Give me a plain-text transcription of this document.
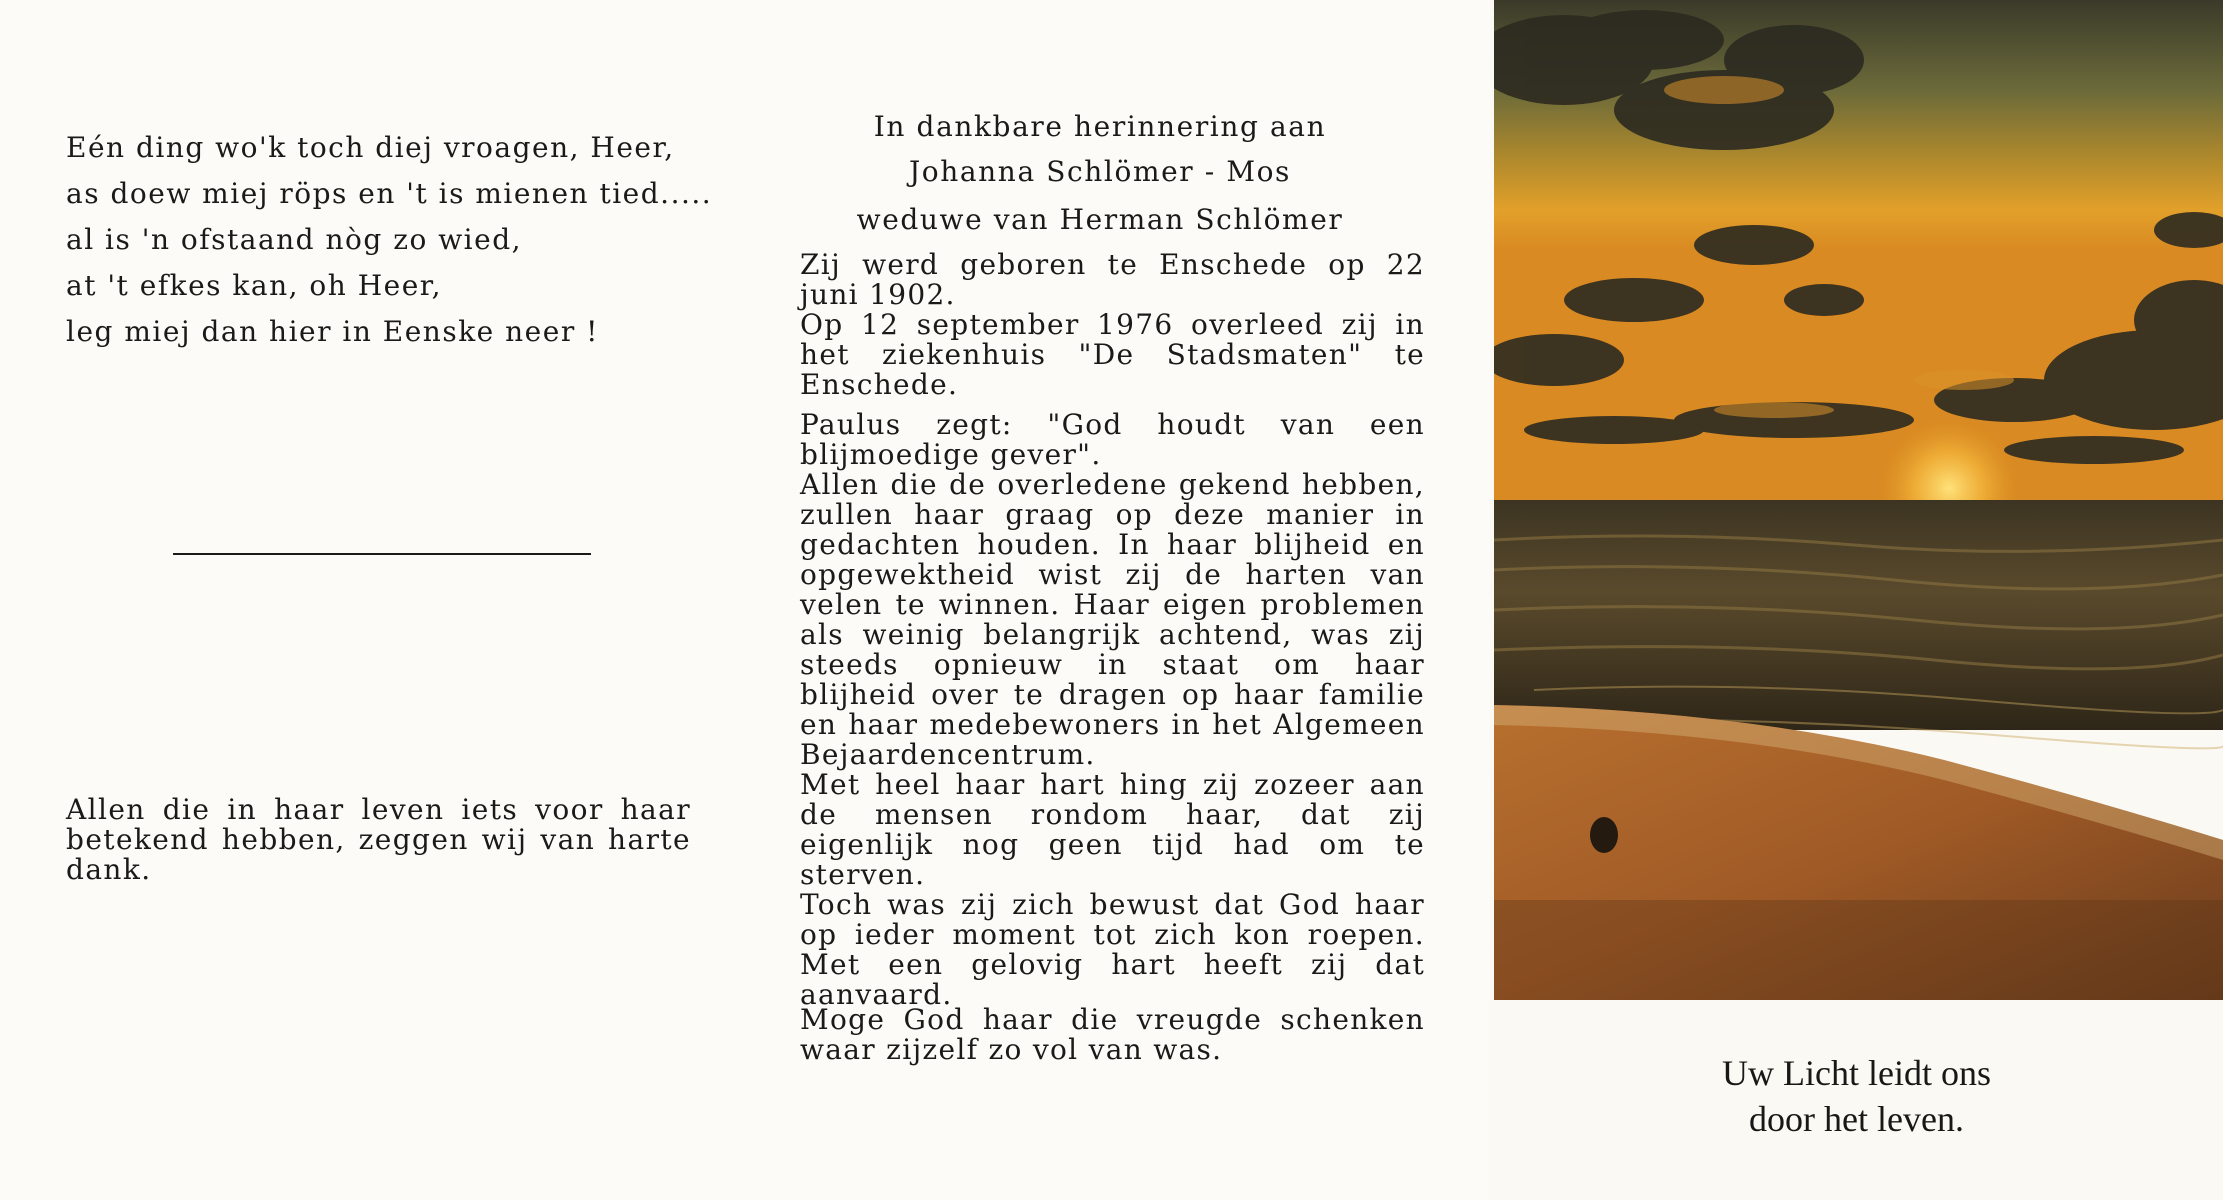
Eén ding wo'k toch diej vroagen, Heer,
as doew miej röps en 't is mienen tied.....
al is 'n ofstaand nòg zo wied,
at 't efkes kan, oh Heer,
leg miej dan hier in Eenske neer !
Allen die in haar leven iets voor haar betekend hebben, zeggen wij van harte dank.
In dankbare herinnering aan
Johanna Schlömer - Mos
weduwe van Herman Schlömer

Zij werd geboren te Enschede op 22 juni 1902.

Op 12 september 1976 overleed zij in het ziekenhuis "De Stadsmaten" te Enschede.

Paulus zegt: "God houdt van een blijmoedige gever".

Allen die de overledene gekend hebben, zullen haar graag op deze manier in gedachten houden. In haar blijheid en opgewektheid wist zij de harten van velen te winnen. Haar eigen problemen als weinig belangrijk achtend, was zij steeds opnieuw in staat om haar blijheid over te dragen op haar familie en haar medebewoners in het Algemeen Bejaardencentrum.

Met heel haar hart hing zij zozeer aan de mensen rondom haar, dat zij eigenlijk nog geen tijd had om te sterven.

Toch was zij zich bewust dat God haar op ieder moment tot zich kon roepen. Met een gelovig hart heeft zij dat aanvaard.

Moge God haar die vreugde schenken waar zijzelf zo vol van was.

Uw Licht leidt ons
door het leven.
